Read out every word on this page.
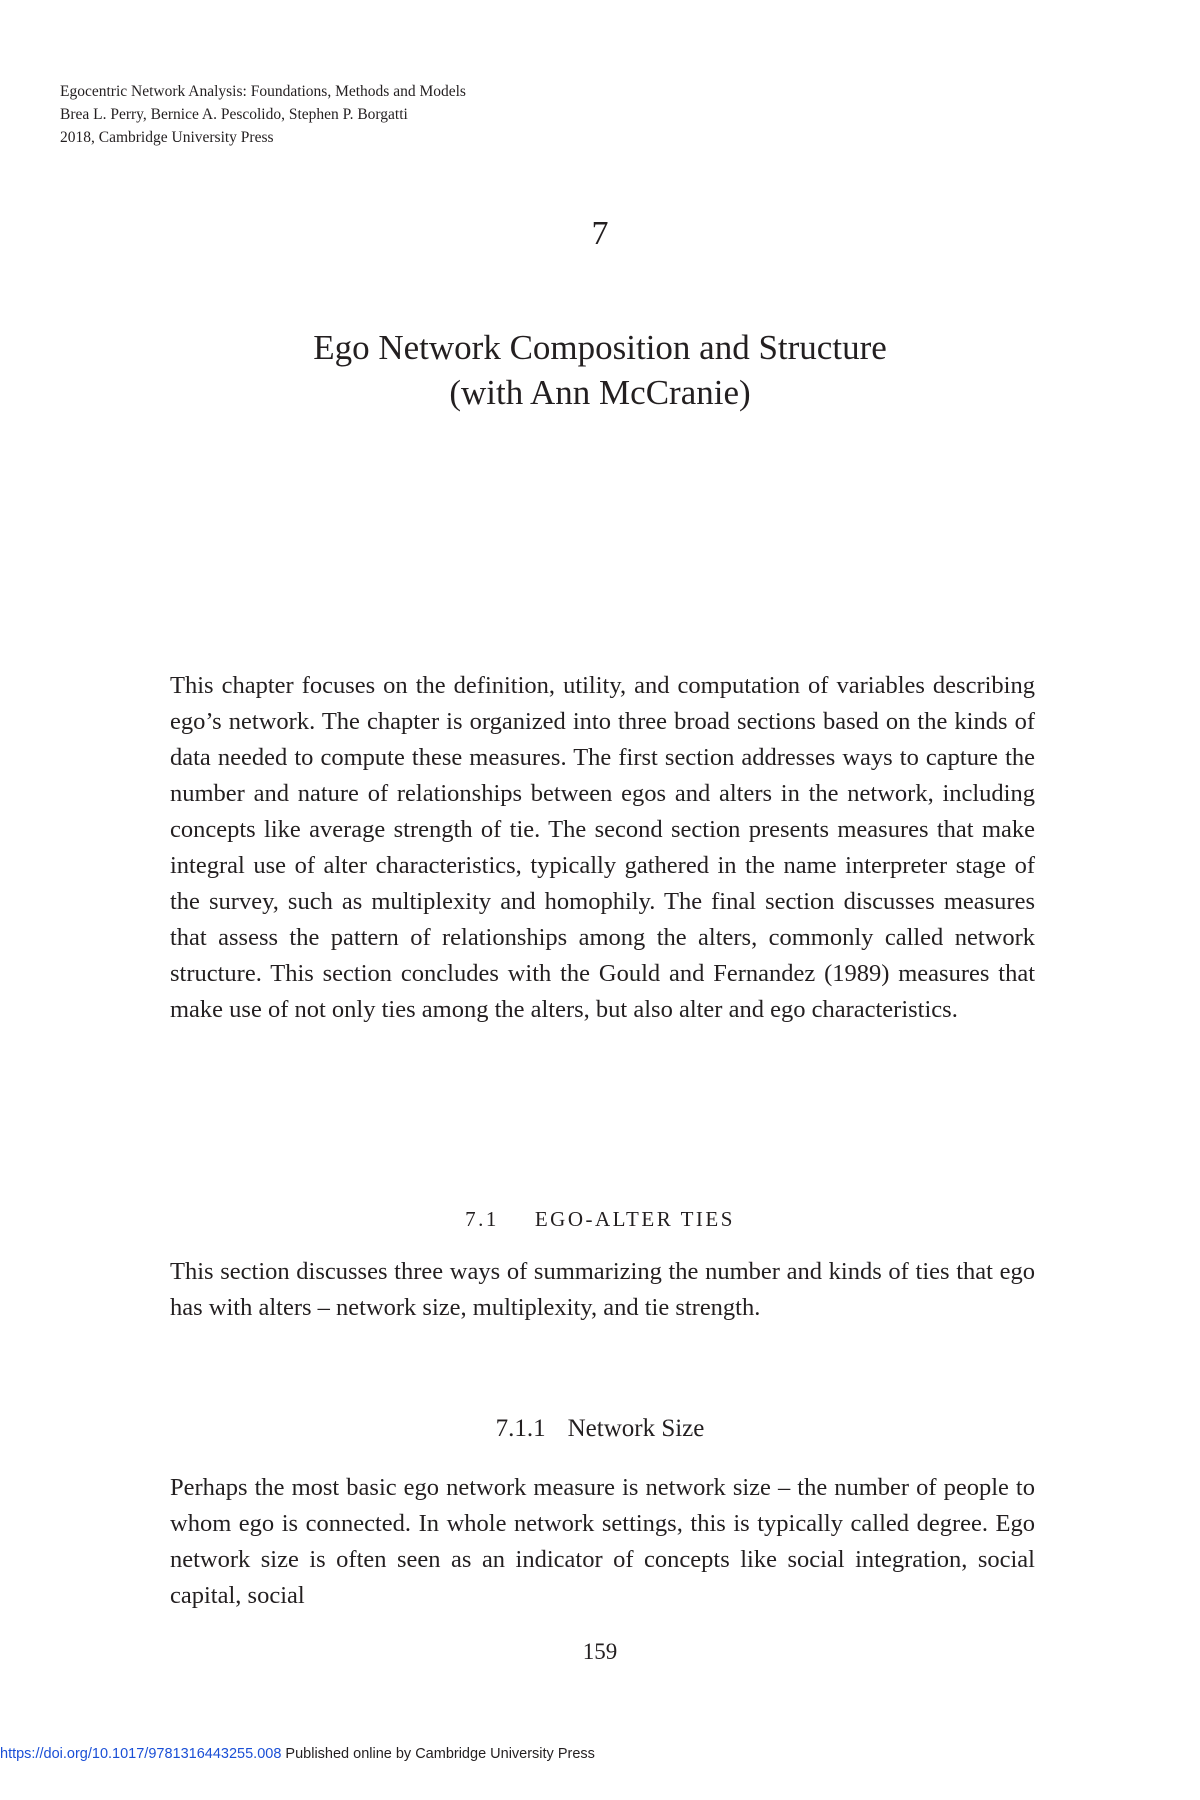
Egocentric Network Analysis: Foundations, Methods and Models
Brea L. Perry, Bernice A. Pescolido, Stephen P. Borgatti
2018, Cambridge University Press
7
Ego Network Composition and Structure
(with Ann McCranie)

This chapter focuses on the definition, utility, and computation of variables describing ego’s network. The chapter is organized into three broad sections based on the kinds of data needed to compute these measures. The first section addresses ways to capture the number and nature of relationships between egos and alters in the network, including concepts like average strength of tie. The second section presents measures that make integral use of alter characteristics, typically gathered in the name interpreter stage of the survey, such as multiplexity and homophily. The final section discusses measures that assess the pattern of relationships among the alters, commonly called network structure. This section concludes with the Gould and Fernandez (1989) measures that make use of not only ties among the alters, but also alter and ego characteristics.

7.1 EGO-ALTER TIES

This section discusses three ways of summarizing the number and kinds of ties that ego has with alters – network size, multiplexity, and tie strength.

7.1.1 Network Size

Perhaps the most basic ego network measure is network size – the number of people to whom ego is connected. In whole network settings, this is typically called degree. Ego network size is often seen as an indicator of concepts like social integration, social capital, social

159
https://doi.org/10.1017/9781316443255.008 Published online by Cambridge University Press
